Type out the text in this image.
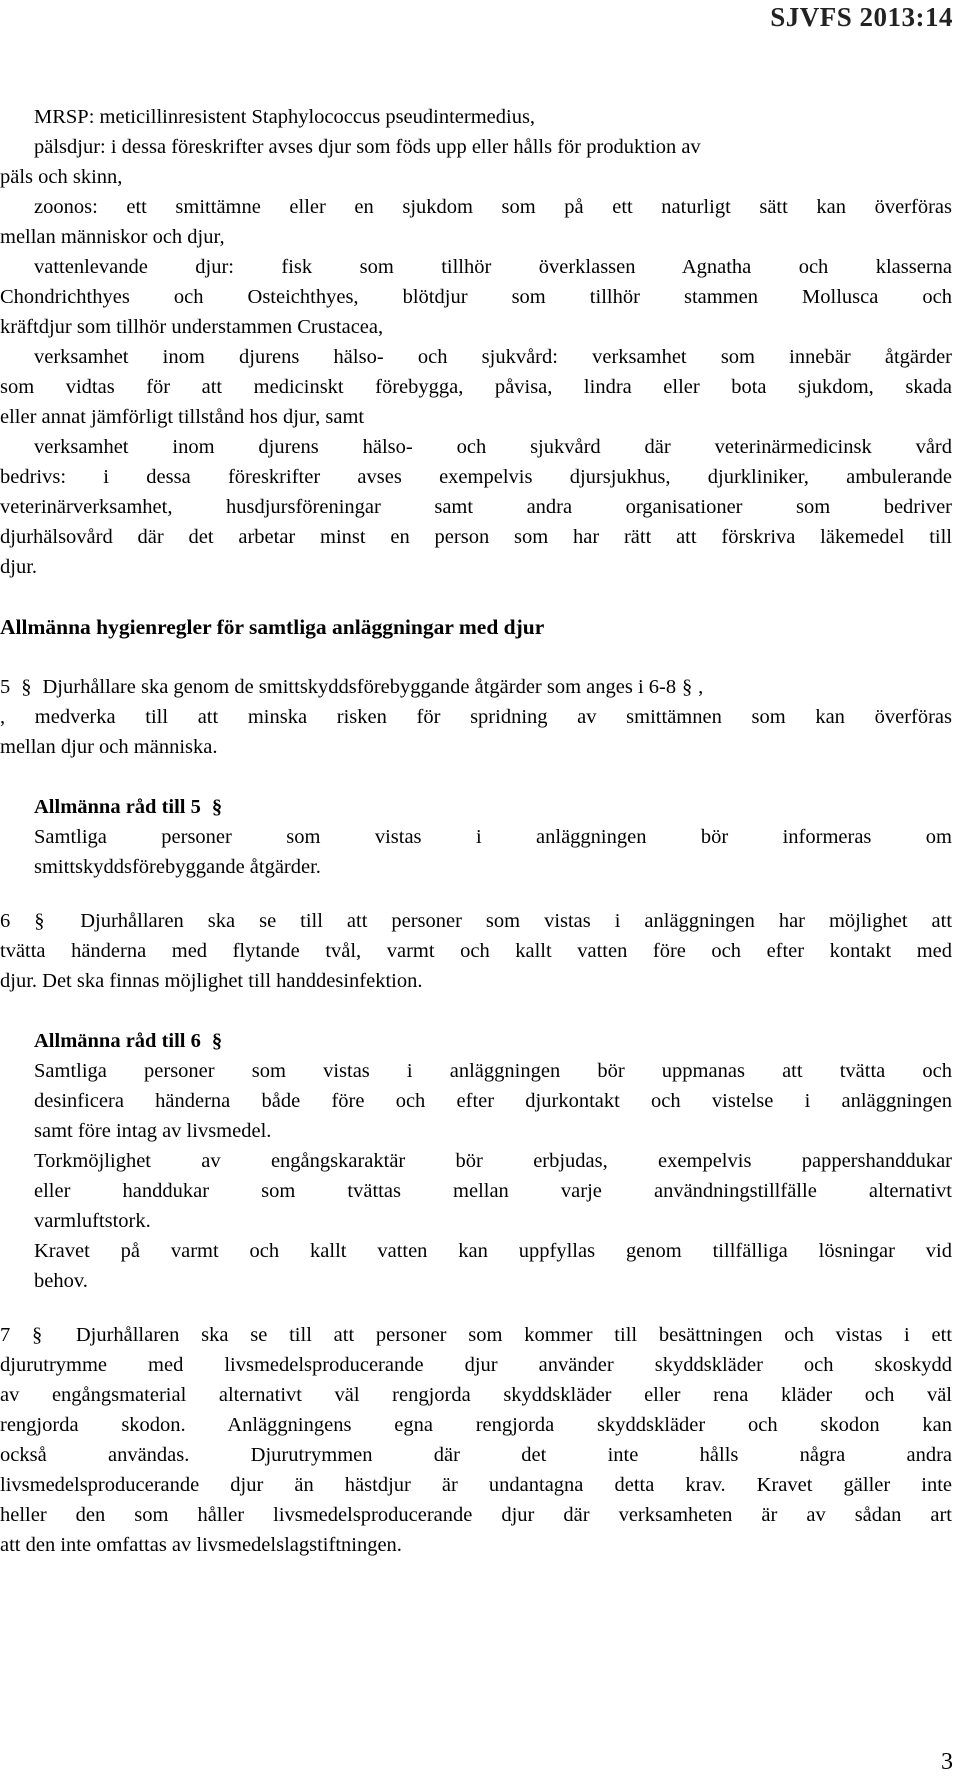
SJVFS 2013:14
MRSP: meticillinresistent Staphylococcus pseudintermedius,
pälsdjur: i dessa föreskrifter avses djur som föds upp eller hålls för produktion av
päls och skinn,
zoonos: ett smittämne eller en sjukdom som på ett naturligt sätt kan överföras
mellan människor och djur,
vattenlevande djur: fisk som tillhör överklassen Agnatha och klasserna
Chondrichthyes och Osteichthyes, blötdjur som tillhör stammen Mollusca och
kräftdjur som tillhör understammen Crustacea,
verksamhet inom djurens hälso- och sjukvård: verksamhet som innebär åtgärder
som vidtas för att medicinskt förebygga, påvisa, lindra eller bota sjukdom, skada
eller annat jämförligt tillstånd hos djur, samt
verksamhet inom djurens hälso- och sjukvård där veterinärmedicinsk vård
bedrivs: i dessa föreskrifter avses exempelvis djursjukhus, djurkliniker, ambulerande
veterinärverksamhet, husdjursföreningar samt andra organisationer som bedriver
djurhälsovård där det arbetar minst en person som har rätt att förskriva läkemedel till
djur.
Allmänna hygienregler för samtliga anläggningar med djur
5 § Djurhållare ska genom de smittskyddsförebyggande åtgärder som anges i 6-8 § ,
, medverka till att minska risken för spridning av smittämnen som kan överföras
mellan djur och människa.
Allmänna råd till 5 §
Samtliga personer som vistas i anläggningen bör informeras om
smittskyddsförebyggande åtgärder.
6 § Djurhållaren ska se till att personer som vistas i anläggningen har möjlighet att
tvätta händerna med flytande tvål, varmt och kallt vatten före och efter kontakt med
djur. Det ska finnas möjlighet till handdesinfektion.
Allmänna råd till 6 §
Samtliga personer som vistas i anläggningen bör uppmanas att tvätta och
desinficera händerna både före och efter djurkontakt och vistelse i anläggningen
samt före intag av livsmedel.
Torkmöjlighet av engångskaraktär bör erbjudas, exempelvis pappershanddukar
eller handdukar som tvättas mellan varje användningstillfälle alternativt
varmluftstork.
Kravet på varmt och kallt vatten kan uppfyllas genom tillfälliga lösningar vid
behov.
7 § Djurhållaren ska se till att personer som kommer till besättningen och vistas i ett
djurutrymme med livsmedelsproducerande djur använder skyddskläder och skoskydd
av engångsmaterial alternativt väl rengjorda skyddskläder eller rena kläder och väl
rengjorda skodon. Anläggningens egna rengjorda skyddskläder och skodon kan
också användas. Djurutrymmen där det inte hålls några andra
livsmedelsproducerande djur än hästdjur är undantagna detta krav. Kravet gäller inte
heller den som håller livsmedelsproducerande djur där verksamheten är av sådan art
att den inte omfattas av livsmedelslagstiftningen.
3
